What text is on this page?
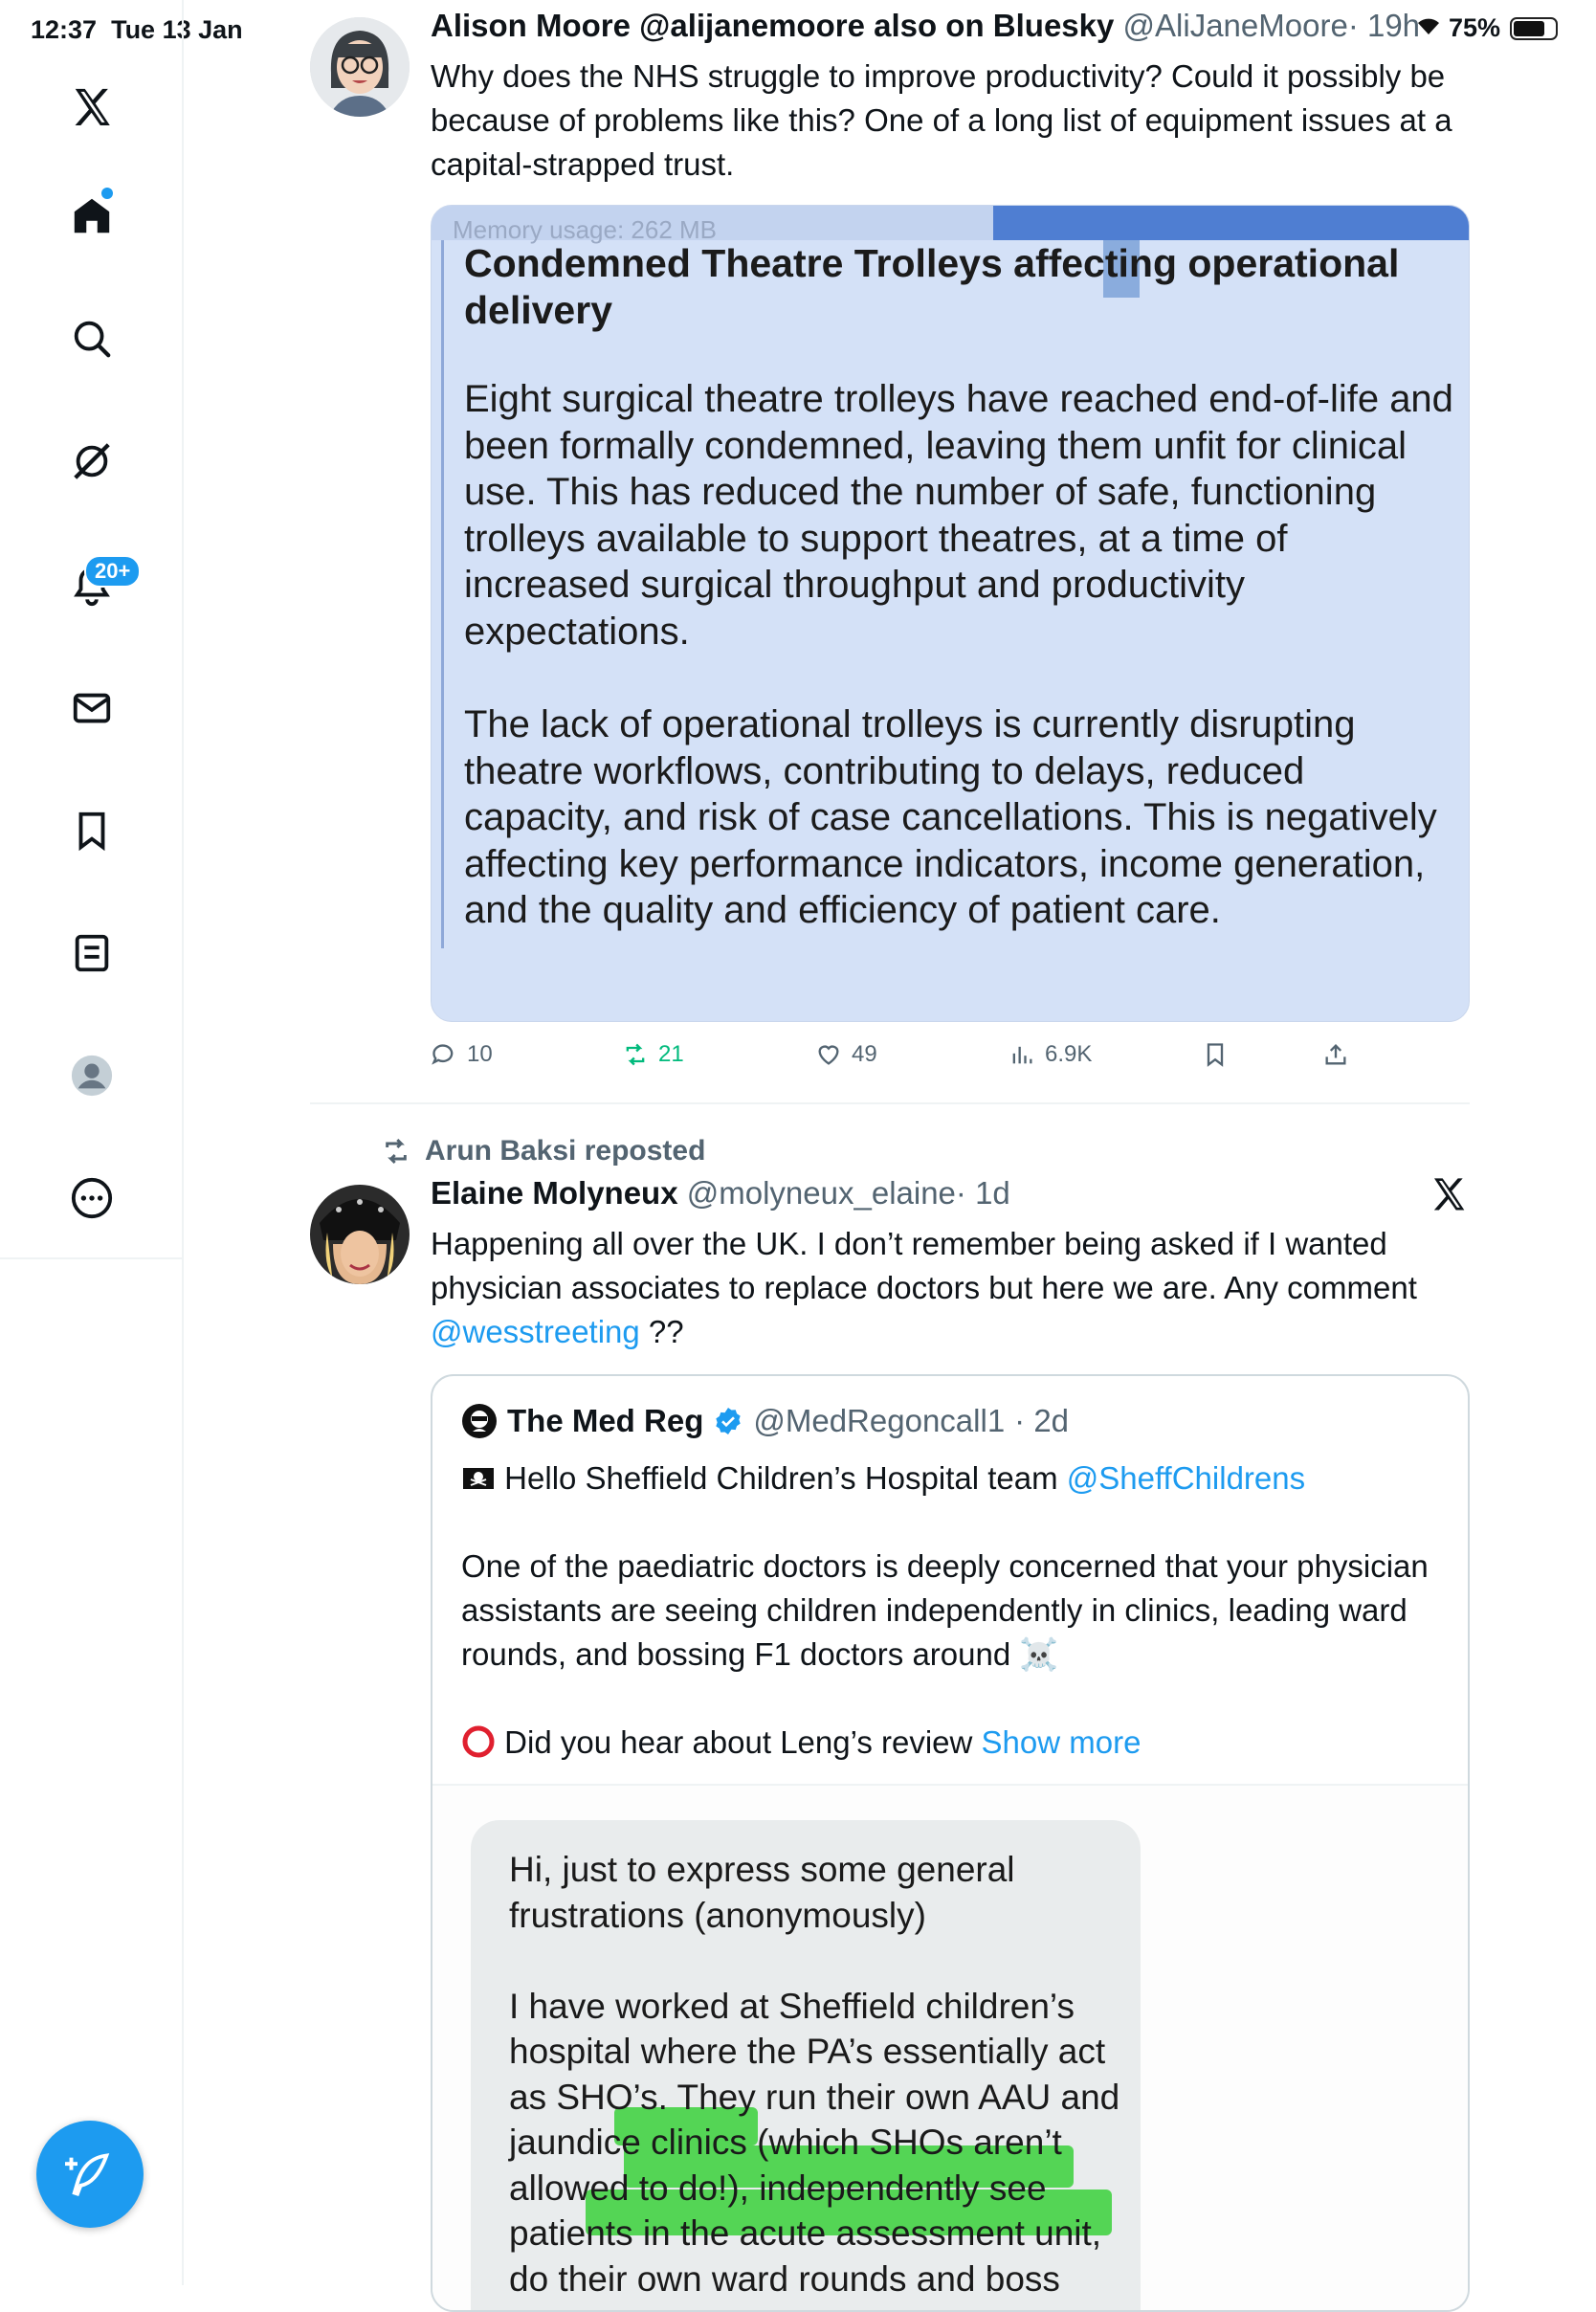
12:37 Tue 13 Jan	75%
20+
Alison Moore @alijanemoore also on Bluesky @AliJaneMoore· 19h
Why does the NHS struggle to improve productivity? Could it possibly be because of problems like this? One of a long list of equipment issues at a capital-strapped trust.
Memory usage: 262 MB
Condemned Theatre Trolleys affecting operational delivery
Eight surgical theatre trolleys have reached end-of-life and been formally condemned, leaving them unfit for clinical use. This has reduced the number of safe, functioning trolleys available to support theatres, at a time of increased surgical throughput and productivity expectations.
The lack of operational trolleys is currently disrupting theatre workflows, contributing to delays, reduced capacity, and risk of case cancellations. This is negatively affecting key performance indicators, income generation, and the quality and efficiency of patient care.
10	21	49	6.9K
Arun Baksi reposted
Elaine Molyneux @molyneux_elaine· 1d
Happening all over the UK. I don’t remember being asked if I wanted physician associates to replace doctors but here we are. Any comment @wesstreeting ??
The Med Reg @MedRegoncall1 · 2d
Hello Sheffield Children’s Hospital team @SheffChildrens
One of the paediatric doctors is deeply concerned that your physician assistants are seeing children independently in clinics, leading ward rounds, and bossing F1 doctors around ☠️
Did you hear about Leng’s review Show more
Hi, just to express some general frustrations (anonymously)
I have worked at Sheffield children’s hospital where the PA’s essentially act as SHO’s. They run their own AAU and jaundice clinics (which SHOs aren’t allowed to do!), independently see patients in the acute assessment unit, do their own ward rounds and boss
